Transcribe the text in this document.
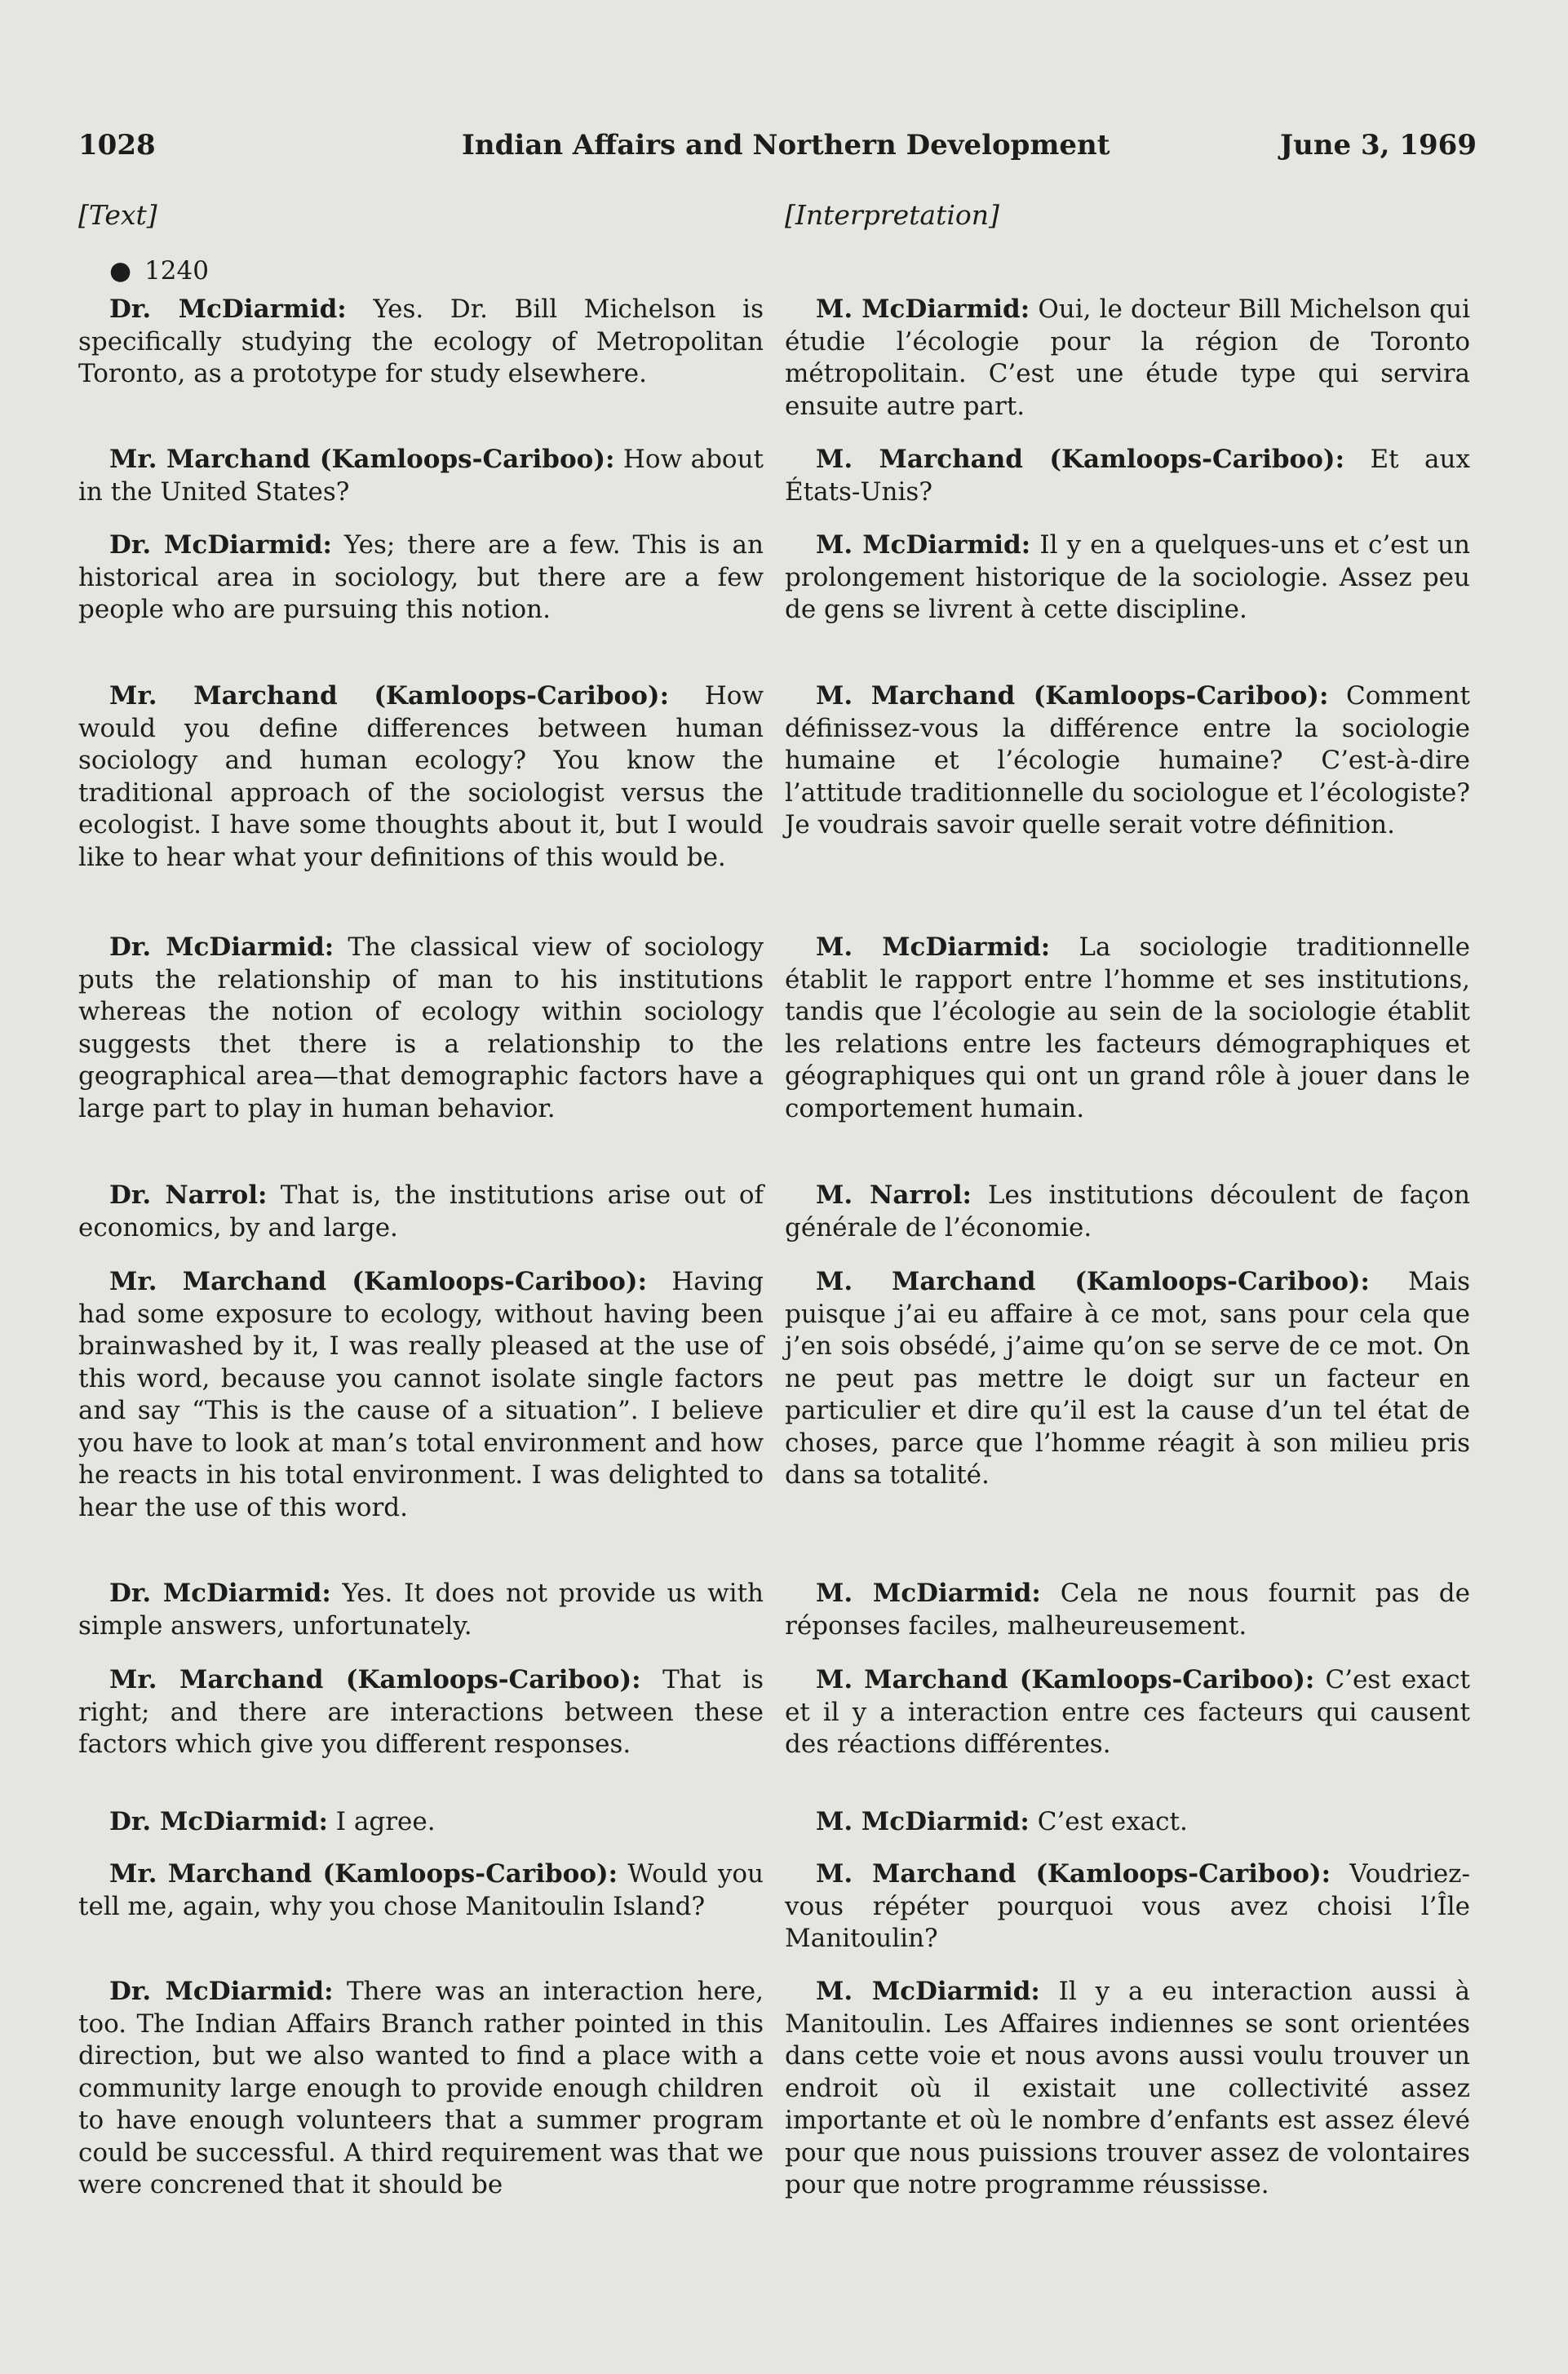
1028	Indian Affairs and Northern Development	June 3, 1969
[Text]
● 1240

Dr. McDiarmid: Yes. Dr. Bill Michelson is specifically studying the ecology of Metropolitan Toronto, as a prototype for study elsewhere.

Mr. Marchand (Kamloops-Cariboo): How about in the United States?

Dr. McDiarmid: Yes; there are a few. This is an historical area in sociology, but there are a few people who are pursuing this notion.

Mr. Marchand (Kamloops-Cariboo): How would you define differences between human sociology and human ecology? You know the traditional approach of the sociologist versus the ecologist. I have some thoughts about it, but I would like to hear what your definitions of this would be.

Dr. McDiarmid: The classical view of sociology puts the relationship of man to his institutions whereas the notion of ecology within sociology suggests thet there is a relationship to the geographical area—that demographic factors have a large part to play in human behavior.

Dr. Narrol: That is, the institutions arise out of economics, by and large.

Mr. Marchand (Kamloops-Cariboo): Having had some exposure to ecology, without having been brainwashed by it, I was really pleased at the use of this word, because you cannot isolate single factors and say “This is the cause of a situation”. I believe you have to look at man’s total environment and how he reacts in his total environment. I was delighted to hear the use of this word.

Dr. McDiarmid: Yes. It does not provide us with simple answers, unfortunately.

Mr. Marchand (Kamloops-Cariboo): That is right; and there are interactions between these factors which give you different responses.

Dr. McDiarmid: I agree.

Mr. Marchand (Kamloops-Cariboo): Would you tell me, again, why you chose Manitoulin Island?

Dr. McDiarmid: There was an interaction here, too. The Indian Affairs Branch rather pointed in this direction, but we also wanted to find a place with a community large enough to provide enough children to have enough volunteers that a summer program could be successful. A third requirement was that we were concrened that it should be

[Interpretation]

M. McDiarmid: Oui, le docteur Bill Michelson qui étudie l’écologie pour la région de Toronto métropolitain. C’est une étude type qui servira ensuite autre part.

M. Marchand (Kamloops-Cariboo): Et aux États-Unis?

M. McDiarmid: Il y en a quelques-uns et c’est un prolongement historique de la sociologie. Assez peu de gens se livrent à cette discipline.

M. Marchand (Kamloops-Cariboo): Comment définissez-vous la différence entre la sociologie humaine et l’écologie humaine? C’est-à-dire l’attitude traditionnelle du sociologue et l’écologiste? Je voudrais savoir quelle serait votre définition.

M. McDiarmid: La sociologie traditionnelle établit le rapport entre l’homme et ses institutions, tandis que l’écologie au sein de la sociologie établit les relations entre les facteurs démographiques et géographiques qui ont un grand rôle à jouer dans le comportement humain.

M. Narrol: Les institutions découlent de façon générale de l’économie.

M. Marchand (Kamloops-Cariboo): Mais puisque j’ai eu affaire à ce mot, sans pour cela que j’en sois obsédé, j’aime qu’on se serve de ce mot. On ne peut pas mettre le doigt sur un facteur en particulier et dire qu’il est la cause d’un tel état de choses, parce que l’homme réagit à son milieu pris dans sa totalité.

M. McDiarmid: Cela ne nous fournit pas de réponses faciles, malheureusement.

M. Marchand (Kamloops-Cariboo): C’est exact et il y a interaction entre ces facteurs qui causent des réactions différentes.

M. McDiarmid: C’est exact.

M. Marchand (Kamloops-Cariboo): Voudriez-vous répéter pourquoi vous avez choisi l’Île Manitoulin?

M. McDiarmid: Il y a eu interaction aussi à Manitoulin. Les Affaires indiennes se sont orientées dans cette voie et nous avons aussi voulu trouver un endroit où il existait une collectivité assez importante et où le nombre d’enfants est assez élevé pour que nous puissions trouver assez de volontaires pour que notre programme réussisse.
